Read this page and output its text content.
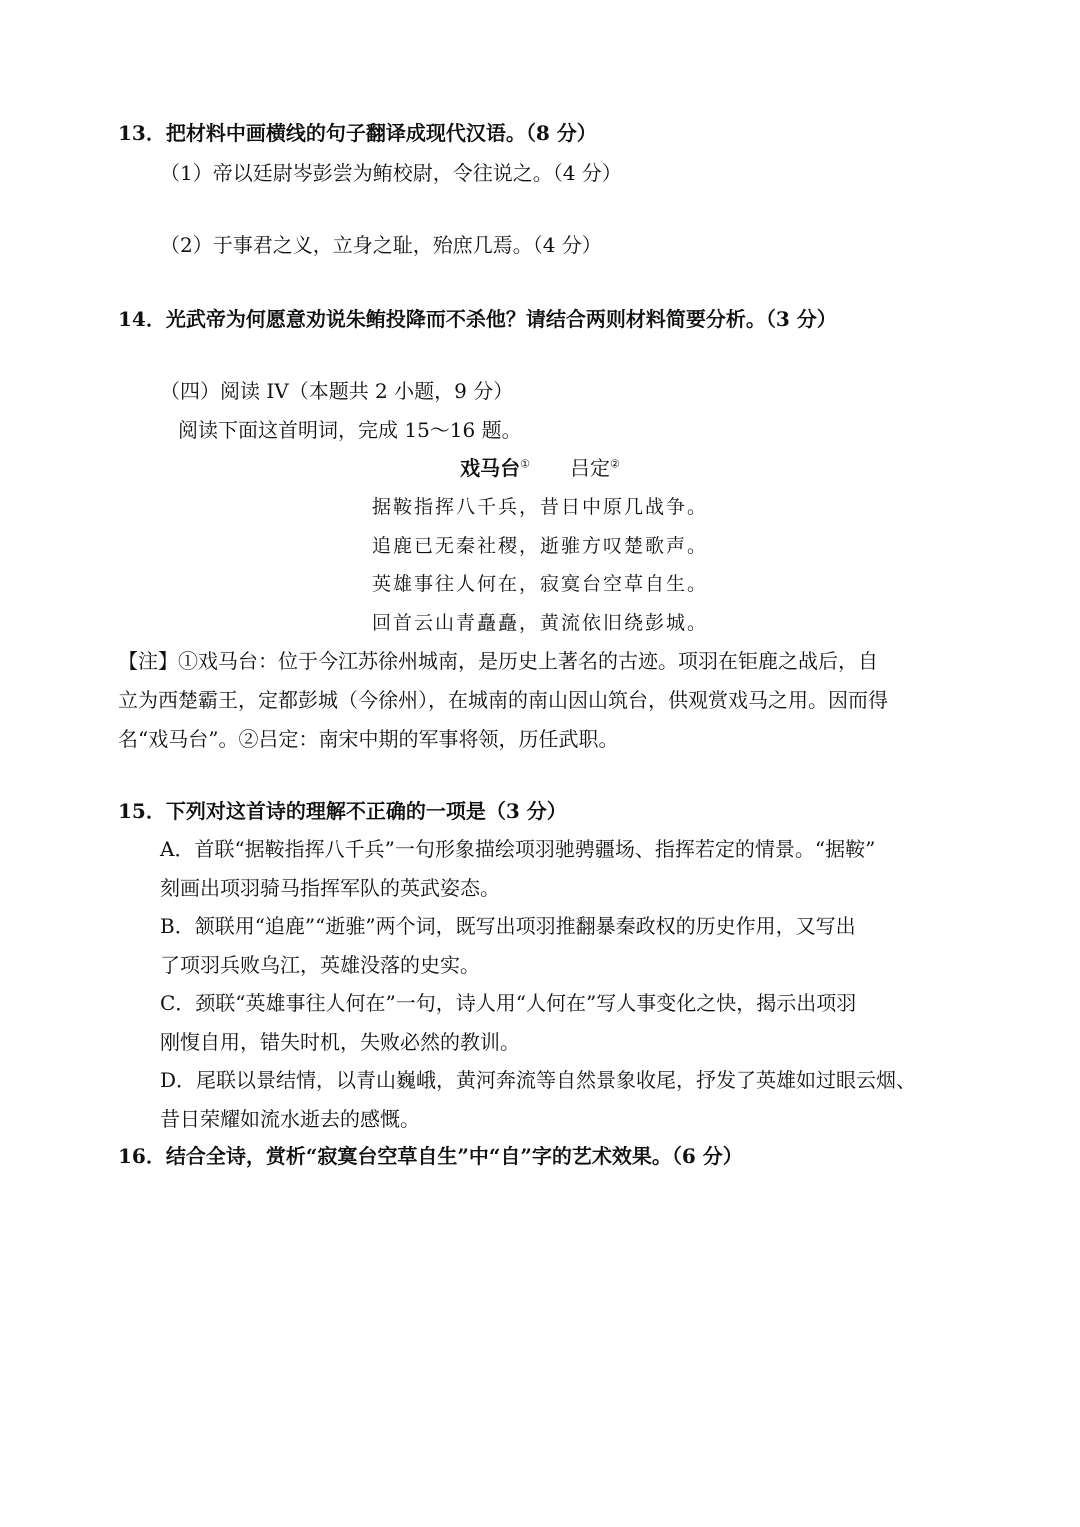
13．把材料中画横线的句子翻译成现代汉语。（8 分）
（1）帝以廷尉岑彭尝为鲔校尉，令往说之。（4 分）
（2）于事君之义，立身之耻，殆庶几焉。（4 分）
14．光武帝为何愿意劝说朱鲔投降而不杀他？请结合两则材料简要分析。（3 分）
（四）阅读 IV（本题共 2 小题，9 分）
阅读下面这首明词，完成 15～16 题。
戏马台① 吕定②
据鞍指挥八千兵，昔日中原几战争。
追鹿已无秦社稷，逝骓方叹楚歌声。
英雄事往人何在，寂寞台空草自生。
回首云山青矗矗，黄流依旧绕彭城。
【注】①戏马台：位于今江苏徐州城南，是历史上著名的古迹。项羽在钜鹿之战后，自
立为西楚霸王，定都彭城（今徐州），在城南的南山因山筑台，供观赏戏马之用。因而得
名“戏马台”。②吕定：南宋中期的军事将领，历任武职。
15．下列对这首诗的理解不正确的一项是（3 分）
A．首联“据鞍指挥八千兵”一句形象描绘项羽驰骋疆场、指挥若定的情景。“据鞍”
刻画出项羽骑马指挥军队的英武姿态。
B．颔联用“追鹿”“逝骓”两个词，既写出项羽推翻暴秦政权的历史作用，又写出
了项羽兵败乌江，英雄没落的史实。
C．颈联“英雄事往人何在”一句，诗人用“人何在”写人事变化之快，揭示出项羽
刚愎自用，错失时机，失败必然的教训。
D．尾联以景结情，以青山巍峨，黄河奔流等自然景象收尾，抒发了英雄如过眼云烟、
昔日荣耀如流水逝去的感慨。
16．结合全诗，赏析“寂寞台空草自生”中“自”字的艺术效果。（6 分）
